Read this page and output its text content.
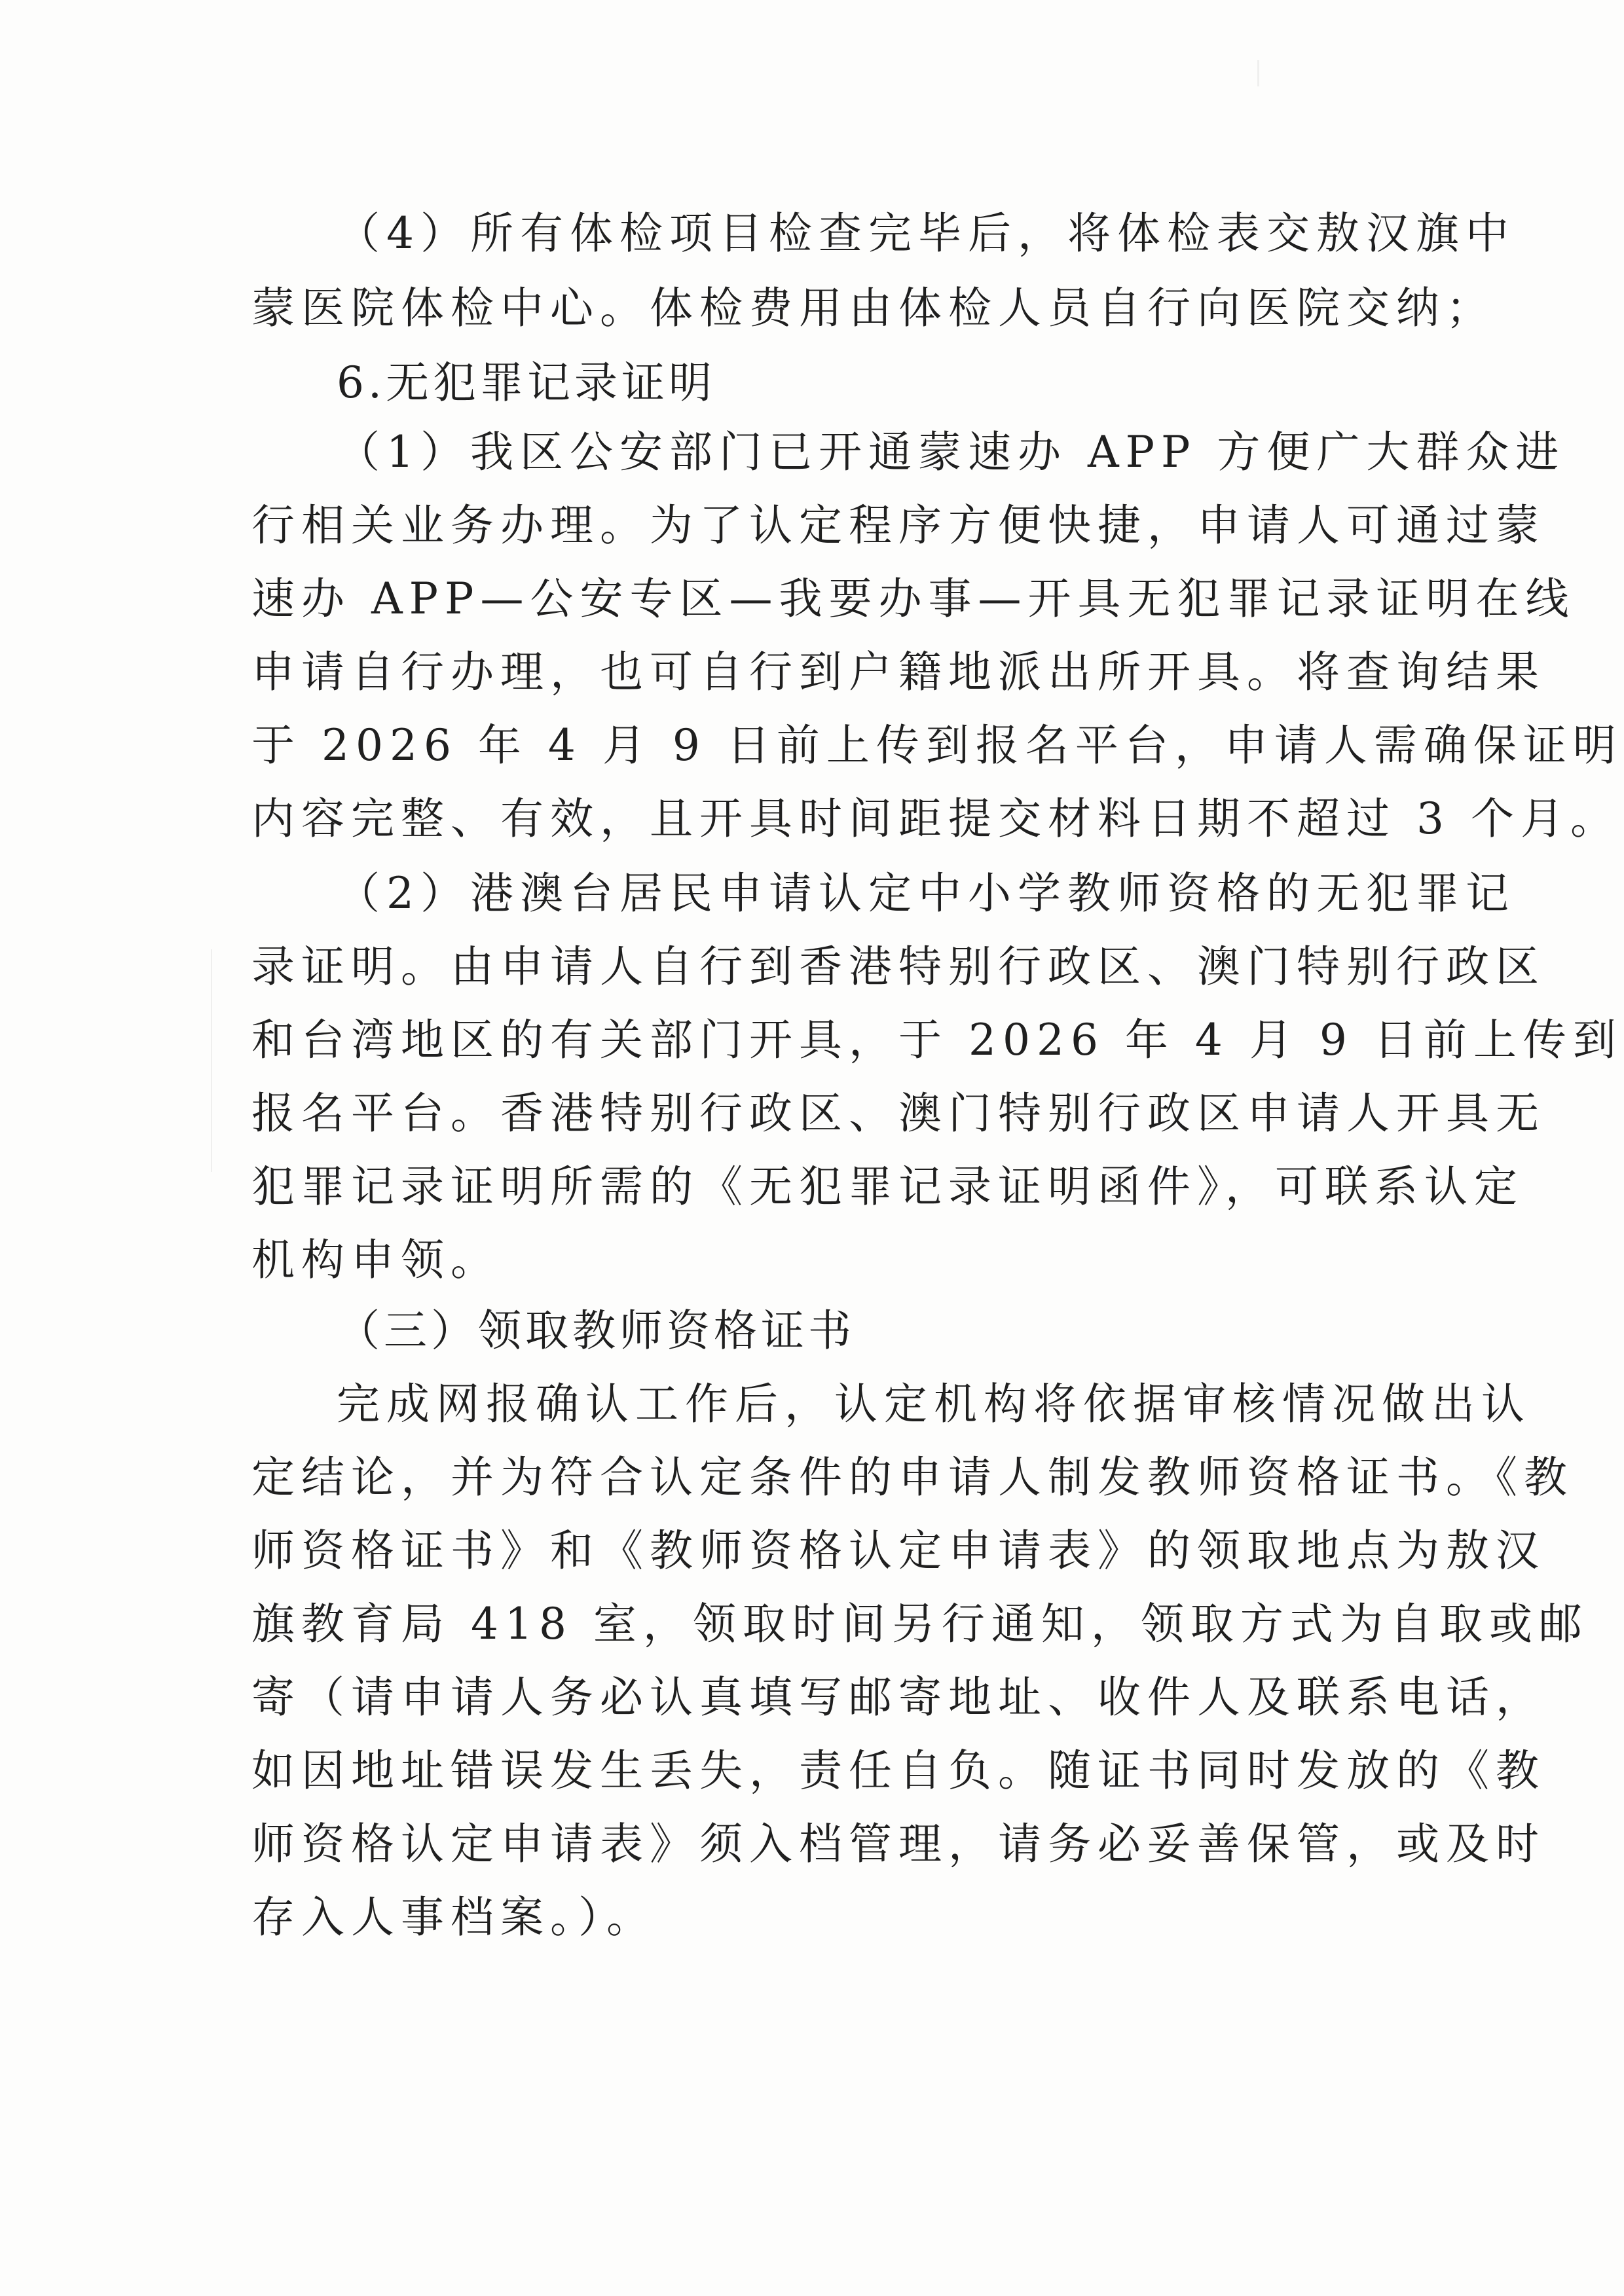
（4）所有体检项目检查完毕后，将体检表交敖汉旗中
蒙医院体检中心。体检费用由体检人员自行向医院交纳；
6.无犯罪记录证明
（1）我区公安部门已开通蒙速办 APP 方便广大群众进
行相关业务办理。为了认定程序方便快捷，申请人可通过蒙
速办 APP—公安专区—我要办事—开具无犯罪记录证明在线
申请自行办理，也可自行到户籍地派出所开具。将查询结果
于 2026 年 4 月 9 日前上传到报名平台，申请人需确保证明
内容完整、有效，且开具时间距提交材料日期不超过 3 个月。
（2）港澳台居民申请认定中小学教师资格的无犯罪记
录证明。由申请人自行到香港特别行政区、澳门特别行政区
和台湾地区的有关部门开具，于 2026 年 4 月 9 日前上传到
报名平台。香港特别行政区、澳门特别行政区申请人开具无
犯罪记录证明所需的《无犯罪记录证明函件》，可联系认定
机构申领。
（三）领取教师资格证书
完成网报确认工作后，认定机构将依据审核情况做出认
定结论，并为符合认定条件的申请人制发教师资格证书。《教
师资格证书》和《教师资格认定申请表》的领取地点为敖汉
旗教育局 418 室，领取时间另行通知，领取方式为自取或邮
寄（请申请人务必认真填写邮寄地址、收件人及联系电话，
如因地址错误发生丢失，责任自负。随证书同时发放的《教
师资格认定申请表》须入档管理，请务必妥善保管，或及时
存入人事档案。）。
